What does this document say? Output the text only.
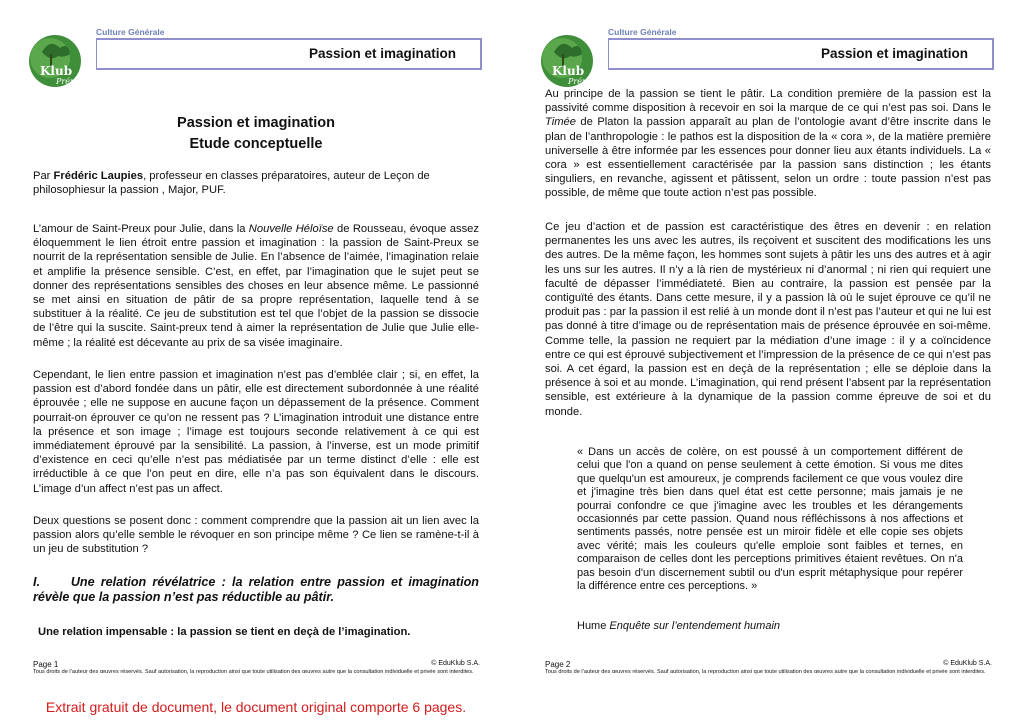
Klub
Prépa
Culture Générale
Passion et imagination
Passion et imagination
Etude conceptuelle
Par Frédéric Laupies, professeur en classes préparatoires, auteur de Leçon de philosophiesur la passion , Major, PUF.
L’amour de Saint-Preux pour Julie, dans la Nouvelle Héloïse de Rousseau, évoque assez éloquemment le lien étroit entre passion et imagination : la passion de Saint-Preux se nourrit de la représentation sensible de Julie. En l’absence de l’aimée, l’imagination relaie et amplifie la présence sensible. C’est, en effet, par l’imagination que le sujet peut se donner des représentations sensibles des choses en leur absence même. Le passionné se met ainsi en situation de pâtir de sa propre représentation, laquelle tend à se substituer à la réalité. Ce jeu de substitution est tel que l’objet de la passion se dissocie de l’être qui la suscite. Saint-preux tend à aimer la représentation de Julie que Julie elle-même ; la réalité est décevante au prix de sa visée imaginaire.
Cependant, le lien entre passion et imagination n’est pas d’emblée clair ; si, en effet, la passion est d’abord fondée dans un pâtir, elle est directement subordonnée à une réalité éprouvée ; elle ne suppose en aucune façon un dépassement de la présence. Comment pourrait-on éprouver ce qu’on ne ressent pas ? L’imagination introduit une distance entre la présence et son image ; l’image est toujours seconde relativement à ce qui est immédiatement éprouvé par la sensibilité. La passion, à l’inverse, est un mode primitif d’existence en ceci qu’elle n’est pas médiatisée par un terme distinct d’elle : elle est irréductible à ce que l’on peut en dire, elle n’a pas son équivalent dans le discours. L’image d’un affect n’est pas un affect.
Deux questions se posent donc : comment comprendre que la passion ait un lien avec la passion alors qu’elle semble le révoquer en son principe même ? Ce lien se ramène-t-il à un jeu de substitution ?
I. Une relation révélatrice : la relation entre passion et imagination révèle que la passion n’est pas réductible au pâtir.
Une relation impensable : la passion se tient en deçà de l’imagination.
Page 1	© EduKlub S.A.
Tous droits de l’auteur des œuvres réservés. Sauf autorisation, la reproduction ainsi que toute utilisation des œuvres autre que la consultation individuelle et privée sont interdites.
Extrait gratuit de document, le document original comporte 6 pages.
Klub
Prépa
Culture Générale
Passion et imagination
Au principe de la passion se tient le pâtir. La condition première de la passion est la passivité comme disposition à recevoir en soi la marque de ce qui n’est pas soi. Dans le Timée de Platon la passion apparaît au plan de l’ontologie avant d’être inscrite dans le plan de l’anthropologie : le pathos est la disposition de la « cora », de la matière première universelle à être informée par les essences pour donner lieu aux étants individuels. La « cora » est essentiellement caractérisée par la passion sans distinction ; les étants singuliers, en revanche, agissent et pâtissent, selon un ordre : toute passion n’est pas possible, de même que toute action n’est pas possible.
Ce jeu d’action et de passion est caractéristique des êtres en devenir : en relation permanentes les uns avec les autres, ils reçoivent et suscitent des modifications les uns des autres. De la même façon, les hommes sont sujets à pâtir les uns des autres et à agir les uns sur les autres. Il n’y a là rien de mystérieux ni d’anormal ; ni rien qui requiert une faculté de dépasser l’immédiateté. Bien au contraire, la passion est pensée par la contiguïté des étants. Dans cette mesure, il y a passion là où le sujet éprouve ce qu’il ne produit pas : par la passion il est relié à un monde dont il n’est pas l’auteur et qui ne lui est pas donné à titre d’image ou de représentation mais de présence éprouvée en soi-même. Comme telle, la passion ne requiert par la médiation d’une image : il y a coïncidence entre ce qui est éprouvé subjectivement et l’impression de la présence de ce qui n’est pas soi. A cet égard, la passion est en deçà de la représentation ; elle se déploie dans la présence à soi et au monde. L’imagination, qui rend présent l’absent par la représentation sensible, est extérieure à la dynamique de la passion comme épreuve de soi et du monde.
« Dans un accès de colère, on est poussé à un comportement différent de celui que l'on a quand on pense seulement à cette émotion. Si vous me dites que quelqu'un est amoureux, je comprends facilement ce que vous voulez dire et j'imagine très bien dans quel état est cette personne; mais jamais je ne pourrai confondre ce que j'imagine avec les troubles et les dérangements occasionnés par cette passion. Quand nous réfléchissons à nos affections et sentiments passés, notre pensée est un miroir fidèle et elle copie ses objets avec vérité; mais les couleurs qu'elle emploie sont faibles et ternes, en comparaison de celles dont les perceptions primitives étaient revêtues. On n'a pas besoin d'un discernement subtil ou d'un esprit métaphysique pour repérer la différence entre ces perceptions. »
Hume Enquête sur l’entendement humain
Page 2	© EduKlub S.A.
Tous droits de l’auteur des œuvres réservés. Sauf autorisation, la reproduction ainsi que toute utilisation des œuvres autre que la consultation individuelle et privée sont interdites.
